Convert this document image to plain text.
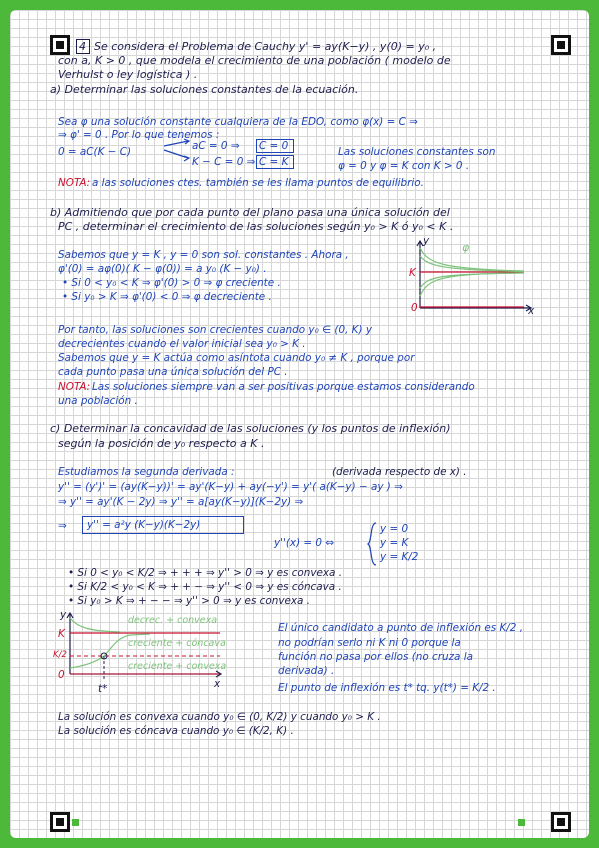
4 Se considera el Problema de Cauchy y' = ay(K−y) , y(0) = y₀ ,
con a, K > 0 , que modela el crecimiento de una población ( modelo de
Verhulst o ley logística ) .
a) Determinar las soluciones constantes de la ecuación.
Sea φ una solución constante cualquiera de la EDO, como φ(x) = C ⇒
⇒ φ' = 0 . Por lo que tenemos :
0 = aC(K − C)	aC = 0 ⇒ C = 0
K − C = 0 ⇒ C = K
Las soluciones constantes son
φ = 0 y φ = K con K > 0 .
NOTA: a las soluciones ctes. también se les llama puntos de equilibrio.
b) Admitiendo que por cada punto del plano pasa una única solución del
PC , determinar el crecimiento de las soluciones según y₀ > K ó y₀ < K .
Sabemos que y = K , y = 0 son sol. constantes . Ahora ,
φ'(0) = aφ(0)( K − φ(0)) = a y₀ (K − y₀) .
• Si 0 < y₀ < K ⇒ φ'(0) > 0 ⇒ φ creciente .
• Si y₀ > K ⇒ φ'(0) < 0 ⇒ φ decreciente .
y	φ
K
0	x
Por tanto, las soluciones son crecientes cuando y₀ ∈ (0, K) y
decrecientes cuando el valor inicial sea y₀ > K .
Sabemos que y = K actúa como asíntota cuando y₀ ≠ K , porque por
cada punto pasa una única solución del PC .
NOTA: Las soluciones siempre van a ser positivas porque estamos considerando
una población .
c) Determinar la concavidad de las soluciones (y los puntos de inflexión)
según la posición de y₀ respecto a K .
Estudiamos la segunda derivada :	(derivada respecto de x) .
y'' = (y')' = (ay(K−y))' = ay'(K−y) + ay(−y') = y'( a(K−y) − ay ) ⇒
⇒ y'' = ay'(K − 2y) ⇒ y'' = a[ay(K−y)](K−2y) ⇒
⇒ y'' = a²y (K−y)(K−2y)
y''(x) = 0 ⇔
y = 0
y = K
y = K/2
• Si 0 < y₀ < K/2 ⇒ + + + ⇒ y'' > 0 ⇒ y es convexa .
• Si K/2 < y₀ < K ⇒ + + − ⇒ y'' < 0 ⇒ y es cóncava .
• Si y₀ > K ⇒ + − − ⇒ y'' > 0 ⇒ y es convexa .
y
K
K/2
0
x
t*
decrec. + convexa
creciente + cóncava
creciente + convexa
El único candidato a punto de inflexión es K/2 ,
no podrían serlo ni K ni 0 porque la
función no pasa por ellos (no cruza la
derivada) .
El punto de inflexión es t* tq. y(t*) = K/2 .
La solución es convexa cuando y₀ ∈ (0, K/2) y cuando y₀ > K .
La solución es cóncava cuando y₀ ∈ (K/2, K) .
